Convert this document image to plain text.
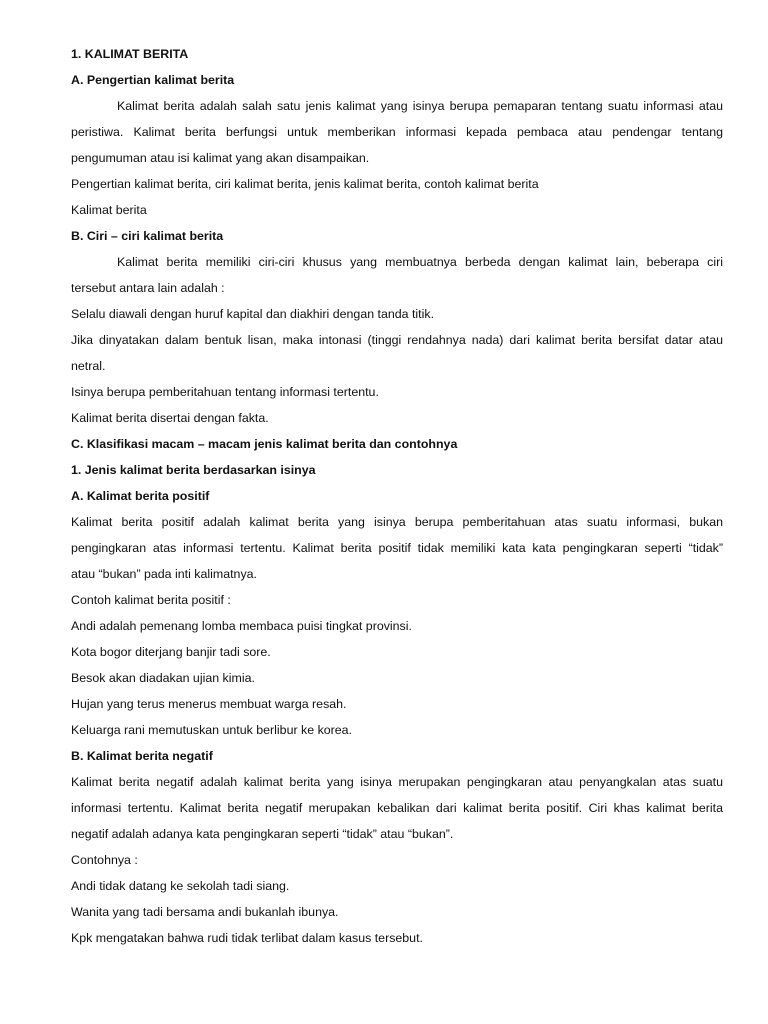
1. KALIMAT BERITA
A. Pengertian kalimat berita
Kalimat berita adalah salah satu jenis kalimat yang isinya berupa pemaparan tentang suatu informasi atau
peristiwa. Kalimat berita berfungsi untuk memberikan informasi kepada pembaca atau pendengar tentang
pengumuman atau isi kalimat yang akan disampaikan.
Pengertian kalimat berita, ciri kalimat berita, jenis kalimat berita, contoh kalimat berita
Kalimat berita
B. Ciri – ciri kalimat berita
Kalimat berita memiliki ciri-ciri khusus yang membuatnya berbeda dengan kalimat lain, beberapa ciri
tersebut antara lain adalah :
Selalu diawali dengan huruf kapital dan diakhiri dengan tanda titik.
Jika dinyatakan dalam bentuk lisan, maka intonasi (tinggi rendahnya nada) dari kalimat berita bersifat datar atau
netral.
Isinya berupa pemberitahuan tentang informasi tertentu.
Kalimat berita disertai dengan fakta.
C. Klasifikasi macam – macam jenis kalimat berita dan contohnya
1. Jenis kalimat berita berdasarkan isinya
A. Kalimat berita positif
Kalimat berita positif adalah kalimat berita yang isinya berupa pemberitahuan atas suatu informasi, bukan
pengingkaran atas informasi tertentu. Kalimat berita positif tidak memiliki kata kata pengingkaran seperti “tidak”
atau “bukan” pada inti kalimatnya.
Contoh kalimat berita positif :
Andi adalah pemenang lomba membaca puisi tingkat provinsi.
Kota bogor diterjang banjir tadi sore.
Besok akan diadakan ujian kimia.
Hujan yang terus menerus membuat warga resah.
Keluarga rani memutuskan untuk berlibur ke korea.
B. Kalimat berita negatif
Kalimat berita negatif adalah kalimat berita yang isinya merupakan pengingkaran atau penyangkalan atas suatu
informasi tertentu. Kalimat berita negatif merupakan kebalikan dari kalimat berita positif. Ciri khas kalimat berita
negatif adalah adanya kata pengingkaran seperti “tidak” atau “bukan”.
Contohnya :
Andi tidak datang ke sekolah tadi siang.
Wanita yang tadi bersama andi bukanlah ibunya.
Kpk mengatakan bahwa rudi tidak terlibat dalam kasus tersebut.
